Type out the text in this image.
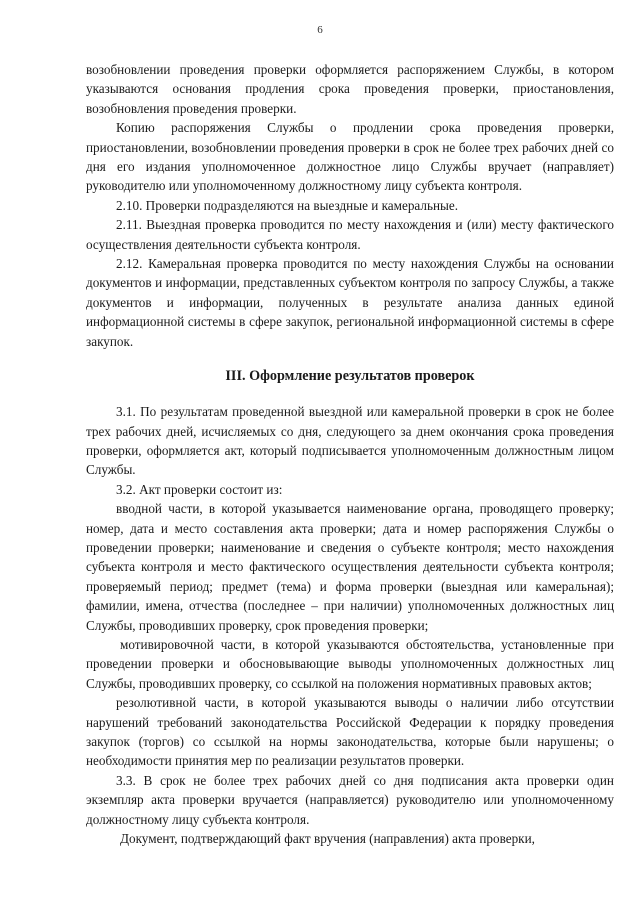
6

возобновлении проведения проверки оформляется распоряжением Службы, в котором указываются основания продления срока проведения проверки, приостановления, возобновления проведения проверки.

Копию распоряжения Службы о продлении срока проведения проверки, приостановлении, возобновлении проведения проверки в срок не более трех рабочих дней со дня его издания уполномоченное должностное лицо Службы вручает (направляет) руководителю или уполномоченному должностному лицу субъекта контроля.

2.10. Проверки подразделяются на выездные и камеральные.

2.11. Выездная проверка проводится по месту нахождения и (или) месту фактического осуществления деятельности субъекта контроля.

2.12. Камеральная проверка проводится по месту нахождения Службы на основании документов и информации, представленных субъектом контроля по запросу Службы, а также документов и информации, полученных в результате анализа данных единой информационной системы в сфере закупок, региональной информационной системы в сфере закупок.

III. Оформление результатов проверок

3.1. По результатам проведенной выездной или камеральной проверки в срок не более трех рабочих дней, исчисляемых со дня, следующего за днем окончания срока проведения проверки, оформляется акт, который подписывается уполномоченным должностным лицом Службы.

3.2. Акт проверки состоит из:

вводной части, в которой указывается наименование органа, проводящего проверку; номер, дата и место составления акта проверки; дата и номер распоряжения Службы о проведении проверки; наименование и сведения о субъекте контроля; место нахождения субъекта контроля и место фактического осуществления деятельности субъекта контроля; проверяемый период; предмет (тема) и форма проверки (выездная или камеральная); фамилии, имена, отчества (последнее – при наличии) уполномоченных должностных лиц Службы, проводивших проверку, срок проведения проверки;

мотивировочной части, в которой указываются обстоятельства, установленные при проведении проверки и обосновывающие выводы уполномоченных должностных лиц Службы, проводивших проверку, со ссылкой на положения нормативных правовых актов;

резолютивной части, в которой указываются выводы о наличии либо отсутствии нарушений требований законодательства Российской Федерации к порядку проведения закупок (торгов) со ссылкой на нормы законодательства, которые были нарушены; о необходимости принятия мер по реализации результатов проверки.

3.3. В срок не более трех рабочих дней со дня подписания акта проверки один экземпляр акта проверки вручается (направляется) руководителю или уполномоченному должностному лицу субъекта контроля.

Документ, подтверждающий факт вручения (направления) акта проверки,
